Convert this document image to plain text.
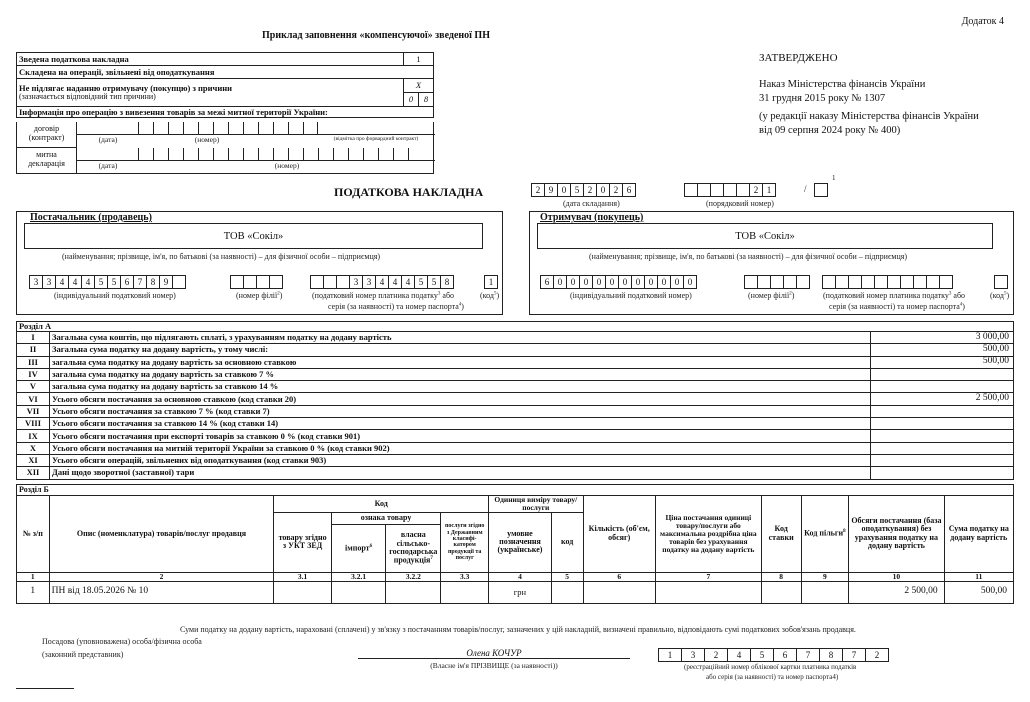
Додаток 4
Приклад заповнення «компенсуючої» зведеної ПН
ЗАТВЕРДЖЕНО
Наказ Міністерства фінансів України
31 грудня 2015 року № 1307
(у редакції наказу Міністерства фінансів України
від 09 серпня 2024 року № 400)
Зведена податкова накладна	1	
Складена на операції, звільнені від оподаткування		

Не підлягає наданню отримувачу (покупцю) з причини
(зазначається відповідний тип причини)	Х	
	0	8
Інформація про операцію з вивезення товарів за межі митної території України:		
договір (контракт)	(дата)	(номер)	(відмітка про форвардний контракт)
митна декларація	(дата)	(номер)
ПОДАТКОВА НАКЛАДНА	2 9 0 5 2 0 2 6
(дата складання)
2 1	/
1
(порядковий номер)
Постачальник (продавець)
ТОВ «Сокіл»
(найменування; прізвище, ім'я, по батькові (за наявності) – для фізичної особи – підприємця)
3 3 4 4 4 5 5 6 7 8 9
(індивідуальний податковий номер)	(номер філії$^2$)
3 3 4 4 4 5 5 8	1
(податковий номер платника податку$^3$ або
серія (за наявності) та номер паспорта$^4$)
(код$^5$)
Отримувач (покупець)
ТОВ «Сокіл»
(найменування; прізвище, ім'я, по батькові (за наявності) – для фізичної особи – підприємця)
6 0 0 0 0 0 0 0 0 0 0 0
(індивідуальний податковий номер)	(номер філії$^2$)	(податковий номер платника податку$^3$ або
серія (за наявності) та номер паспорта$^4$)
(код$^5$)
Розділ А		
І	Загальна сума коштів, що підлягають сплаті, з урахуванням податку на додану вартість	3 000,00
ІІ	Загальна сума податку на додану вартість, у тому числі:	500,00
ІІІ	загальна сума податку на додану вартість за основною ставкою	500,00
IV	загальна сума податку на додану вартість за ставкою 7 %	
V	загальна сума податку на додану вартість за ставкою 14 %	
VI	Усього обсяги постачання за основною ставкою (код ставки 20)	2 500,00
VII	Усього обсяги постачання за ставкою 7 % (код ставки 7)	
VIII	Усього обсяги постачання за ставкою 14 % (код ставки 14)	
IX	Усього обсяги постачання при експорті товарів за ставкою 0 % (код ставки 901)	
X	Усього обсяги постачання на митній території України за ставкою 0 % (код ставки 902)	
XI	Усього обсяги операцій, звільнених від оподаткування (код ставки 903)	
XII	Дані щодо зворотної (заставної) тари	
Розділ Б													
№ з/п	Опис (номенклатура) товарів/послуг продавця	Код				Одиниця виміру товару/послуги		Кількість (об'єм, обсяг)	Ціна постачання одиниці товару/послуги або максимальна роздрібна ціна товарів без урахування податку на додану вартість	Код ставки	Код пільги$^8$	Обсяги постачання (база оподаткування) без урахування податку на додану вартість	Сума податку на додану вартість
		товару згідно з УКТ ЗЕД	ознака товару		послуги згідно з Державним класифі-катором продукції та послуг	умовне позначення (українське)	код						
			імпорт$^6$	власна сільсько-господарська продукція$^7$
1	2	3.1	3.2.1	3.2.2	3.3	4	5	6	7	8	9	10	11
1	ПН від 18.05.2026 № 10					грн						2 500,00	500,00
Суми податку на додану вартість, нараховані (сплачені) у зв'язку з постачанням товарів/послуг, зазначених у цій накладній, визначені правильно, відповідають сумі податкових зобов'язань продавця.
Посадова (уповноважена) особа/фізична особа
(законний представник)	Олена КОЧУР
(Власне ім'я ПРІЗВИЩЕ (за наявності))
1	3	2	4	5	6	7	8	7	2
(реєстраційний номер облікової картки платника податків
або серія (за наявності) та номер паспорта4)
